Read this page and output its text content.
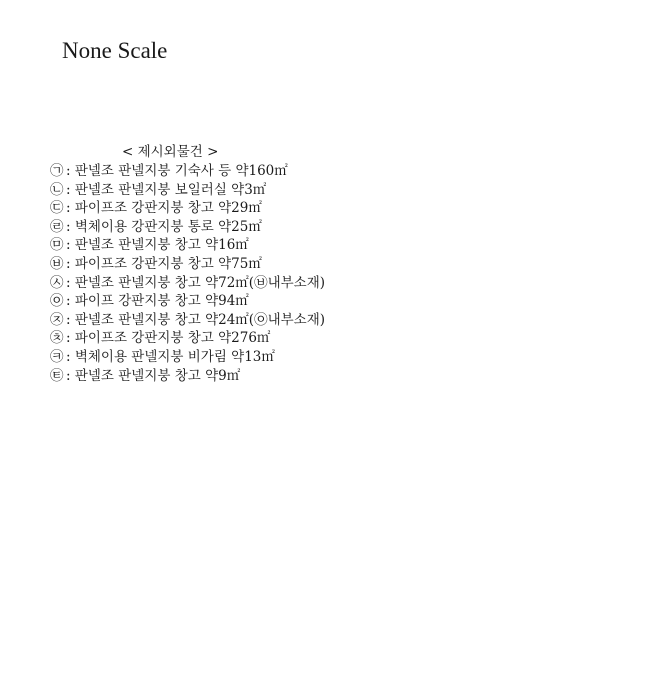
None Scale
< 제시외물건 >
㉠ : 판넬조 판넬지붕 기숙사 등 약160㎡
㉡ : 판넬조 판넬지붕 보일러실 약3㎡
㉢ : 파이프조 강판지붕 창고 약29㎡
㉣ : 벽체이용 강판지붕 통로 약25㎡
㉤ : 판넬조 판넬지붕 창고 약16㎡
㉥ : 파이프조 강판지붕 창고 약75㎡
㉦ : 판넬조 판넬지붕 창고 약72㎡(㉥내부소재)
㉧ : 파이프 강판지붕 창고 약94㎡
㉨ : 판넬조 판넬지붕 창고 약24㎡(㉧내부소재)
㉩ : 파이프조 강판지붕 창고 약276㎡
㉪ : 벽체이용 판넬지붕 비가림 약13㎡
㉫ : 판넬조 판넬지붕 창고 약9㎡
